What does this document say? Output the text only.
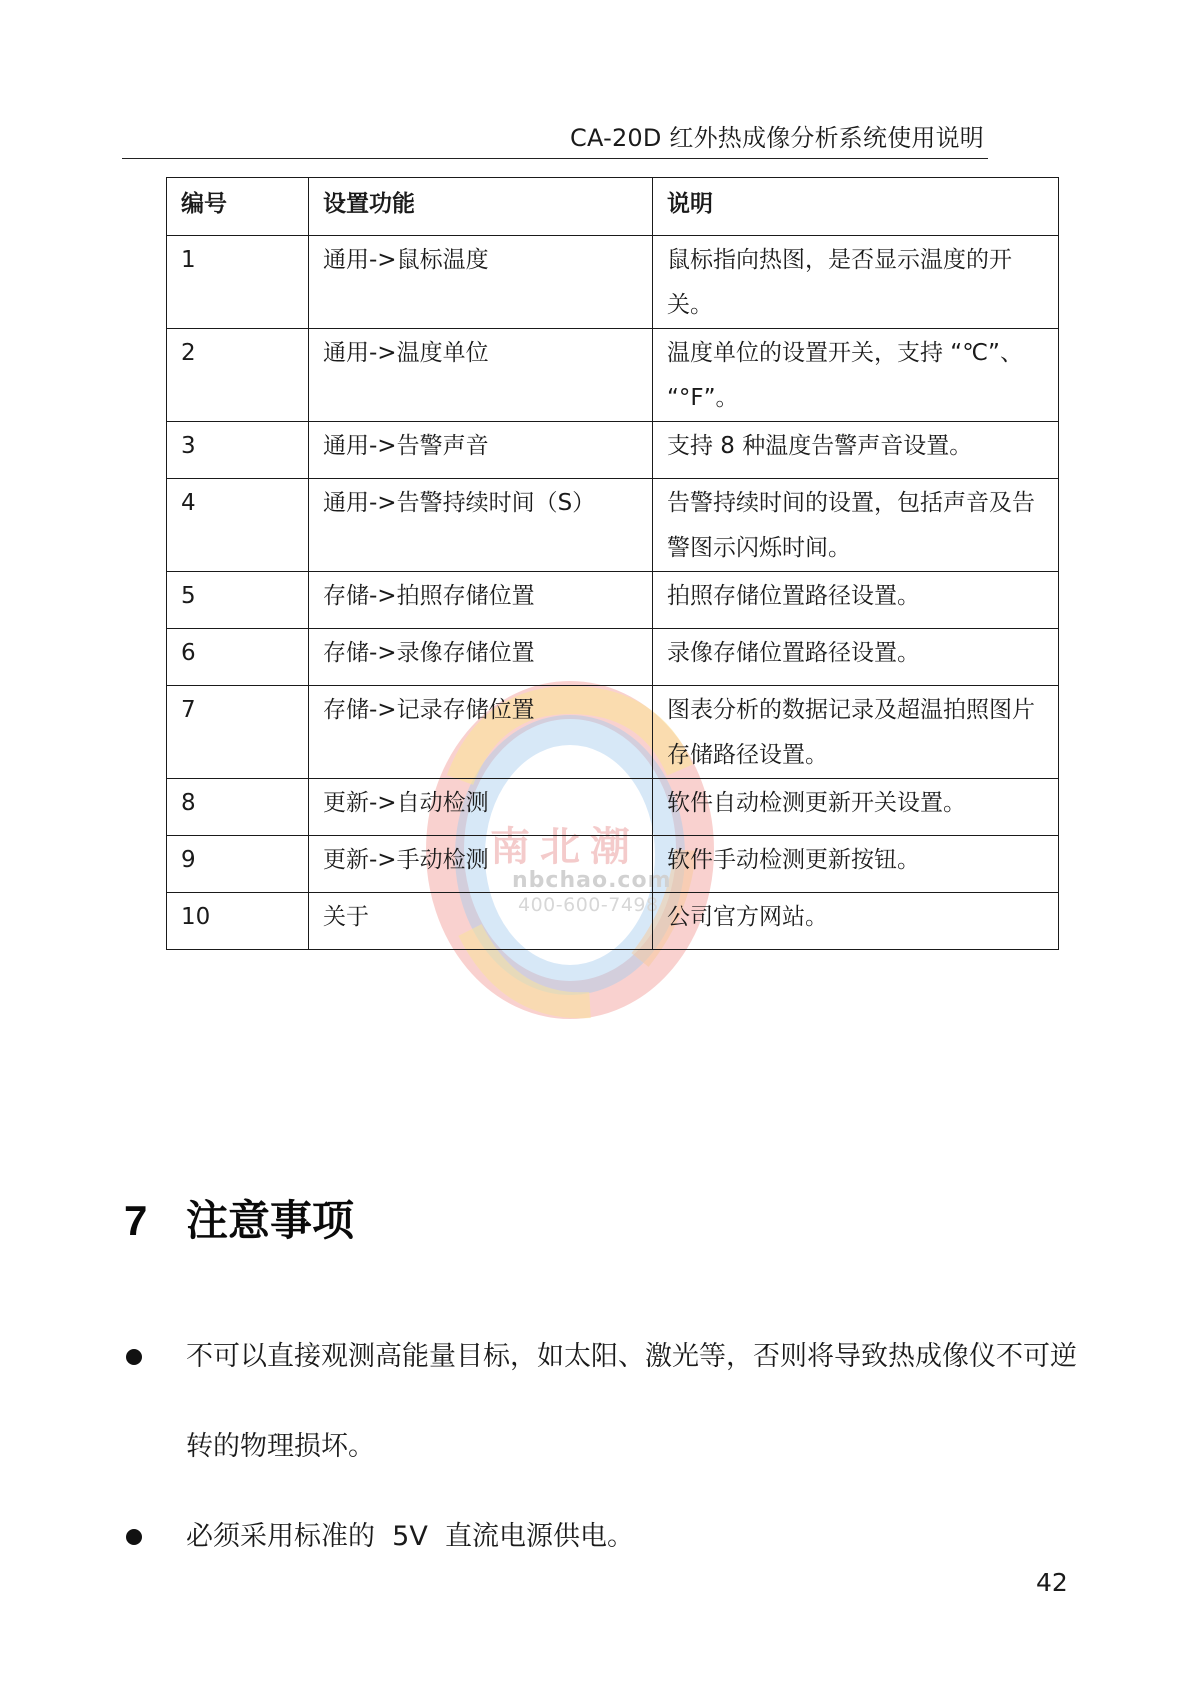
CA-20D 红外热成像分析系统使用说明
南北潮
nbchao.com
400-600-7498
编号	设置功能	说明
1	通用->鼠标温度	鼠标指向热图，是否显示温度的开关。
2	通用->温度单位	温度单位的设置开关，支持 “℃”、 “°F”。
3	通用->告警声音	支持 8 种温度告警声音设置。
4	通用->告警持续时间（S）	告警持续时间的设置，包括声音及告警图示闪烁时间。
5	存储->拍照存储位置	拍照存储位置路径设置。
6	存储->录像存储位置	录像存储位置路径设置。
7	存储->记录存储位置	图表分析的数据记录及超温拍照图片存储路径设置。
8	更新->自动检测	软件自动检测更新开关设置。
9	更新->手动检测	软件手动检测更新按钮。
10	关于	公司官方网站。
7 注意事项
不可以直接观测高能量目标，如太阳、激光等，否则将导致热成像仪不可逆转的物理损坏。
必须采用标准的  5V  直流电源供电。
42
